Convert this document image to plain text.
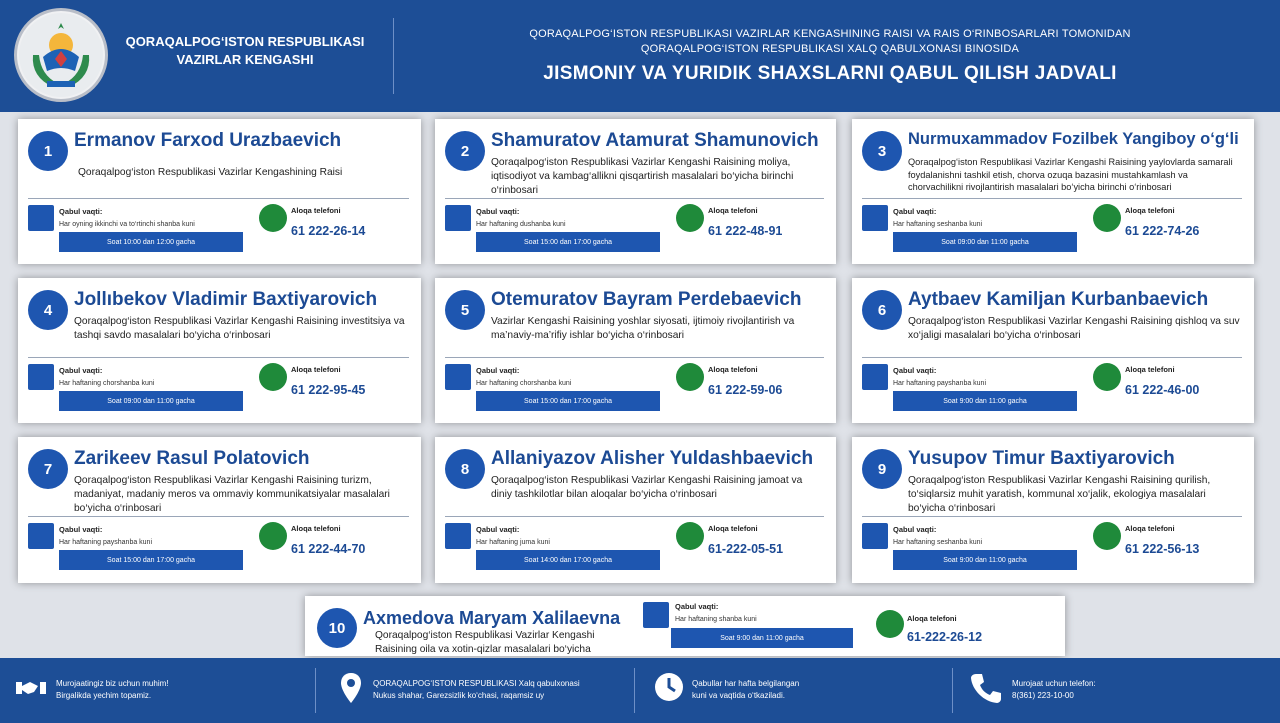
QORAQALPOG‘ISTON RESPUBLIKASI
VAZIRLAR KENGASHI
QORAQALPOG‘ISTON RESPUBLIKASI VAZIRLAR KENGASHINING RAISI VA RAIS O‘RINBOSARLARI TOMONIDAN
QORAQALPOG‘ISTON RESPUBLIKASI XALQ QABULXONASI BINOSIDA
JISMONIY VA YURIDIK SHAXSLARNI QABUL QILISH JADVALI
1	Ermanov Farxod Urazbaevich
Qoraqalpog‘iston Respublikasi Vazirlar Kengashining Raisi
Qabul vaqti:
Har oyning ikkinchi va to‘rtinchi shanba kuni
Soat 10:00 dan 12:00 gacha
Aloqa telefoni
61 222-26-14
2	Shamuratov Atamurat Shamunovich
Qoraqalpog‘iston Respublikasi Vazirlar Kengashi Raisining moliya, iqtisodiyot va kambag‘allikni qisqartirish masalalari bo‘yicha birinchi o‘rinbosari
Qabul vaqti:
Har haftaning dushanba kuni
Soat 15:00 dan 17:00 gacha
Aloqa telefoni
61 222-48-91
3
Nurmuxammadov Fozilbek Yangiboy o‘g‘li
Qoraqalpog‘iston Respublikasi Vazirlar Kengashi Raisining yaylovlarda samarali foydalanishni tashkil etish, chorva ozuqa bazasini mustahkamlash va chorvachilikni rivojlantirish masalalari bo‘yicha birinchi o‘rinbosari
Qabul vaqti:
Har haftaning seshanba kuni
Soat 09:00 dan 11:00 gacha
Aloqa telefoni
61 222-74-26
4	Jollıbekov Vladimir Baxtiyarovich
Qoraqalpog‘iston Respublikasi Vazirlar Kengashi Raisining investitsiya va tashqi savdo masalalari bo‘yicha o‘rinbosari
Qabul vaqti:
Har haftaning chorshanba kuni
Soat 09:00 dan 11:00 gacha
Aloqa telefoni
61 222-95-45
5	Otemuratov Bayram Perdebaevich
Vazirlar Kengashi Raisining yoshlar siyosati, ijtimoiy rivojlantirish va ma’naviy-ma’rifiy ishlar bo‘yicha o‘rinbosari
Qabul vaqti:
Har haftaning chorshanba kuni
Soat 15:00 dan 17:00 gacha
Aloqa telefoni
61 222-59-06
6	Aytbaev Kamiljan Kurbanbaevich
Qoraqalpog‘iston Respublikasi Vazirlar Kengashi Raisining qishloq va suv xo‘jaligi masalalari bo‘yicha o‘rinbosari
Qabul vaqti:
Har haftaning payshanba kuni
Soat 9:00 dan 11:00 gacha
Aloqa telefoni
61 222-46-00
7	Zarikeev Rasul Polatovich
Qoraqalpog‘iston Respublikasi Vazirlar Kengashi Raisining turizm, madaniyat, madaniy meros va ommaviy kommunikatsiyalar masalalari bo‘yicha o‘rinbosari
Qabul vaqti:
Har haftaning payshanba kuni
Soat 15:00 dan 17:00 gacha
Aloqa telefoni
61 222-44-70
8	Allaniyazov Alisher Yuldashbaevich
Qoraqalpog‘iston Respublikasi Vazirlar Kengashi Raisining jamoat va diniy tashkilotlar bilan aloqalar bo‘yicha o‘rinbosari
Qabul vaqti:
Har haftaning juma kuni
Soat 14:00 dan 17:00 gacha
Aloqa telefoni
61-222-05-51
9	Yusupov Timur Baxtiyarovich
Qoraqalpog‘iston Respublikasi Vazirlar Kengashi Raisining qurilish, to‘siqlarsiz muhit yaratish, kommunal xo‘jalik, ekologiya masalalari bo‘yicha o‘rinbosari
Qabul vaqti:
Har haftaning seshanba kuni
Soat 9:00 dan 11:00 gacha
Aloqa telefoni
61 222-56-13
10 Axmedova Maryam Xalilaevna
Qoraqalpog‘iston Respublikasi Vazirlar Kengashi Raisining oila va xotin-qizlar masalalari bo‘yicha
Qabul vaqti:
Har haftaning shanba kuni
Soat 9:00 dan 11:00 gacha
Aloqa telefoni
61-222-26-12
Murojaatingiz biz uchun muhim!
Birgalikda yechim topamiz.
QORAQALPOG‘ISTON RESPUBLIKASI Xalq qabulxonasi
Nukus shahar, Garezsizlik ko‘chasi, raqamsiz uy
Qabullar har hafta belgilangan
kuni va vaqtida o‘tkaziladi.
Murojaat uchun telefon:
8(361) 223-10-00
